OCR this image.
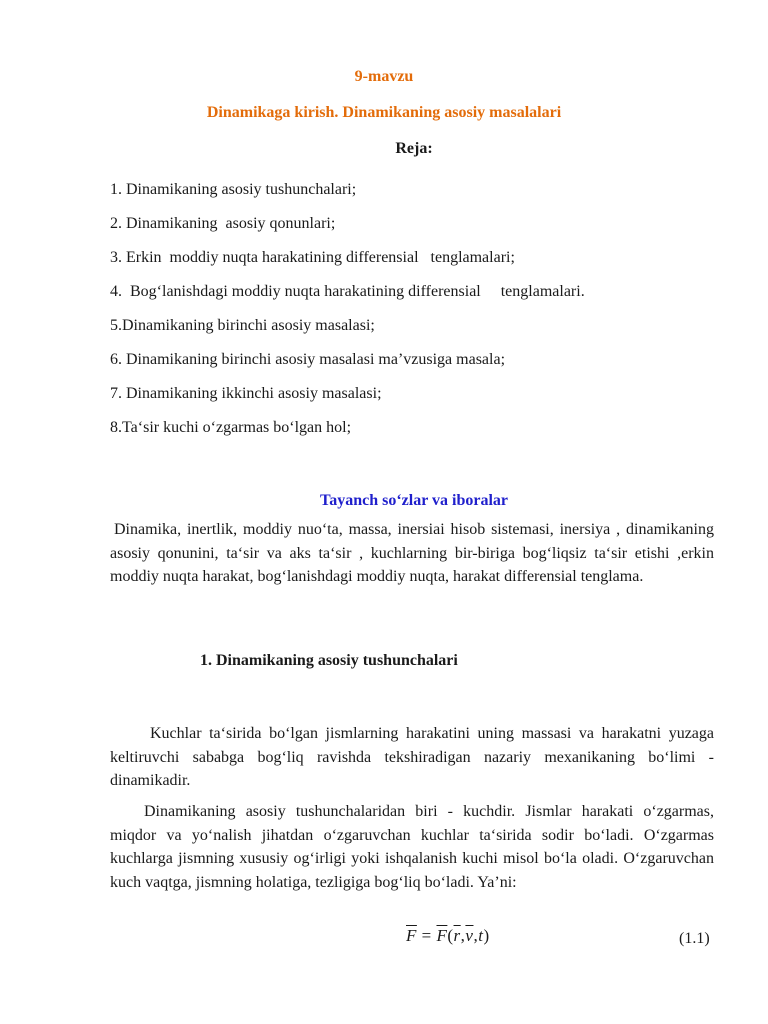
9-mavzu
Dinamikaga kirish. Dinamikaning asosiy masalalari
Reja:
1. Dinamikaning asosiy tushunchalari;
2. Dinamikaning  asosiy qonunlari;
3. Erkin  moddiy nuqta harakatining differensial   tenglamalari;
4.  Bog‘lanishdagi moddiy nuqta harakatining differensial     tenglamalari.
5.Dinamikaning birinchi asosiy masalasi;
6. Dinamikaning birinchi asosiy masalasi ma’vzusiga masala;
7. Dinamikaning ikkinchi asosiy masalasi;
8.Ta‘sir kuchi o‘zgarmas bo‘lgan hol;
Tayanch so‘zlar va iboralar
Dinamika, inertlik, moddiy nuo‘ta, massa, inersiai hisob sistemasi, inersiya , dinamikaning asosiy qonunini, ta‘sir va aks ta‘sir , kuchlarning bir-biriga bog‘liqsiz ta‘sir etishi ,erkin moddiy nuqta harakat, bog‘lanishdagi moddiy nuqta, harakat differensial tenglama.
1. Dinamikaning asosiy tushunchalari
Kuchlar ta‘sirida bo‘lgan jismlarning harakatini uning massasi va harakatni yuzaga keltiruvchi sababga bog‘liq ravishda tekshiradigan nazariy mexanikaning bo‘limi - dinamikadir.
Dinamikaning asosiy tushunchalaridan biri - kuchdir. Jismlar harakati o‘zgarmas, miqdor va yo‘nalish jihatdan o‘zgaruvchan kuchlar ta‘sirida sodir bo‘ladi. O‘zgarmas kuchlarga jismning xususiy og‘irligi yoki ishqalanish kuchi misol bo‘la oladi. O‘zgaruvchan kuch vaqtga, jismning holatiga, tezligiga bog‘liq bo‘ladi. Ya’ni:
$\overline{F} = \overline{F}(\overline{r},\overline{v},t)$	(1.1)
